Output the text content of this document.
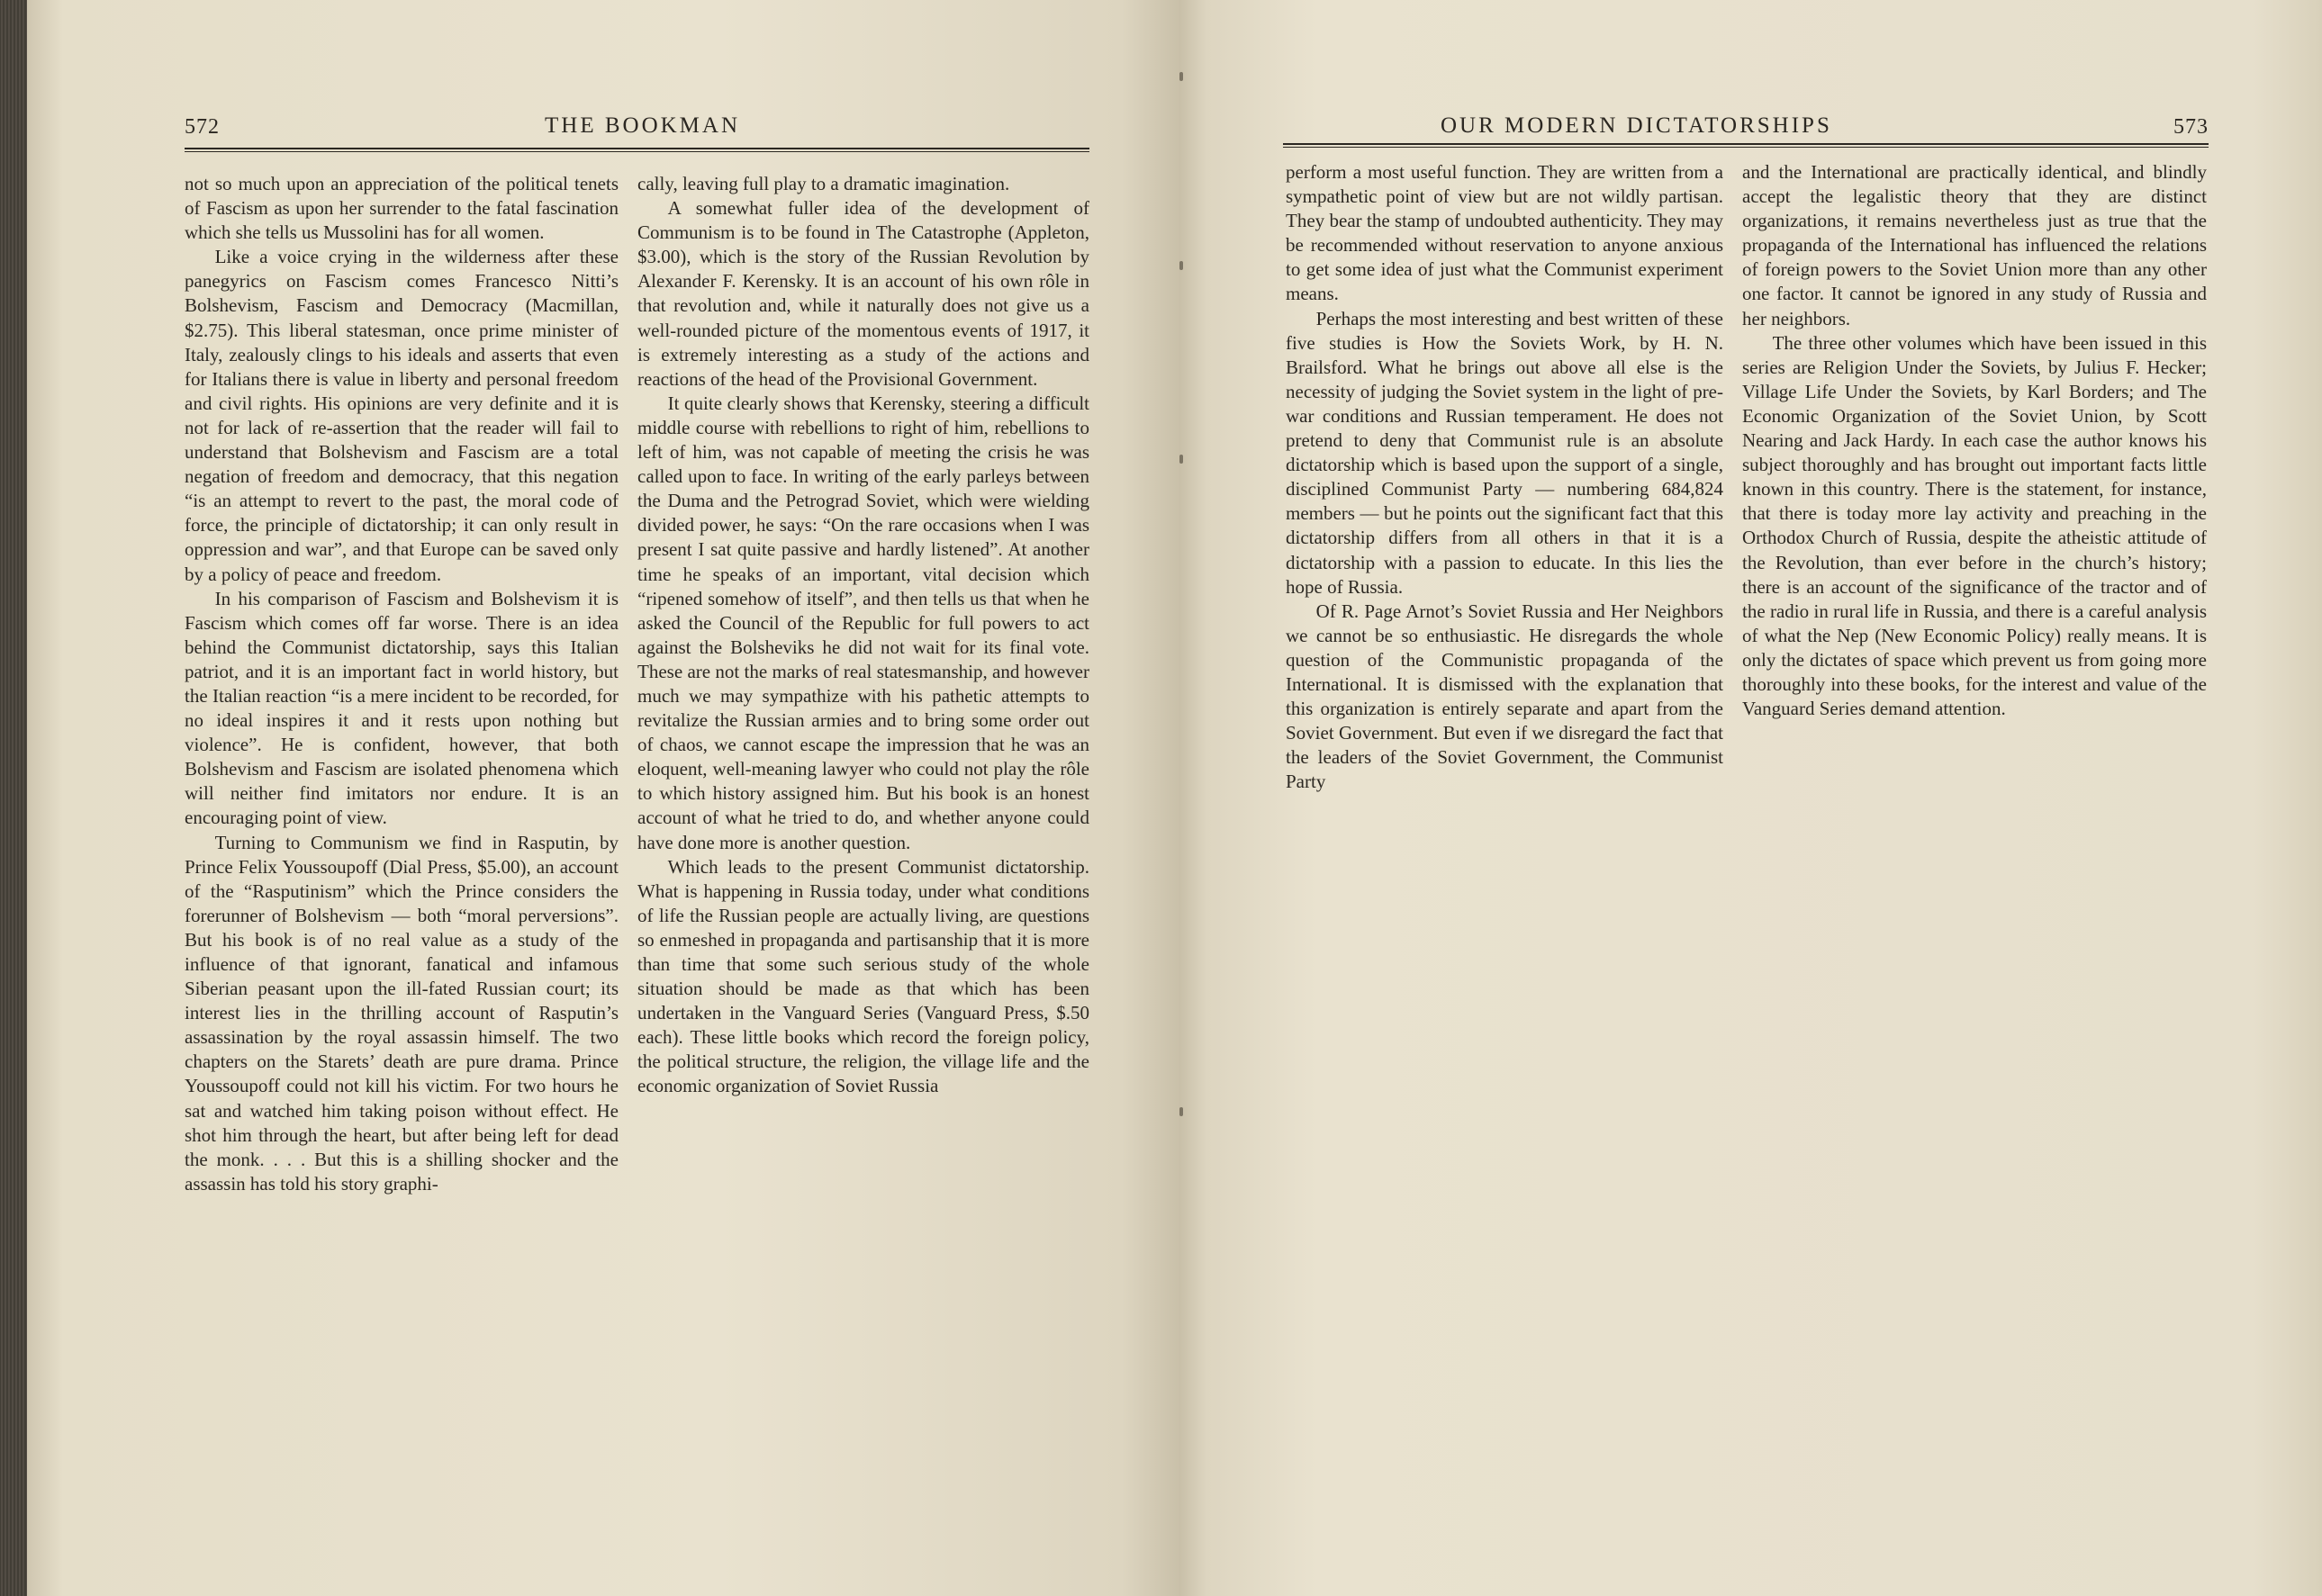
572	THE BOOKMAN

not so much upon an appreciation of the political tenets of Fascism as upon her surrender to the fatal fascination which she tells us Mussolini has for all women.

Like a voice crying in the wilderness after these panegyrics on Fascism comes Francesco Nitti’s Bolshevism, Fascism and Democracy (Macmillan, $2.75). This liberal statesman, once prime minister of Italy, zealously clings to his ideals and asserts that even for Italians there is value in liberty and personal freedom and civil rights. His opinions are very definite and it is not for lack of re-assertion that the reader will fail to understand that Bolshevism and Fascism are a total negation of freedom and democracy, that this negation “is an attempt to revert to the past, the moral code of force, the principle of dictatorship; it can only result in oppression and war”, and that Europe can be saved only by a policy of peace and freedom.

In his comparison of Fascism and Bolshevism it is Fascism which comes off far worse. There is an idea behind the Communist dictatorship, says this Italian patriot, and it is an important fact in world history, but the Italian reaction “is a mere incident to be recorded, for no ideal inspires it and it rests upon nothing but violence”. He is confident, however, that both Bolshevism and Fascism are isolated phenomena which will neither find imitators nor endure. It is an encouraging point of view.

Turning to Communism we find in Rasputin, by Prince Felix Youssoupoff (Dial Press, $5.00), an account of the “Rasputinism” which the Prince considers the forerunner of Bolshevism — both “moral perversions”. But his book is of no real value as a study of the influence of that ignorant, fanatical and infamous Siberian peasant upon the ill-fated Russian court; its interest lies in the thrilling account of Rasputin’s assassination by the royal assassin himself. The two chapters on the Starets’ death are pure drama. Prince Youssoupoff could not kill his victim. For two hours he sat and watched him taking poison without effect. He shot him through the heart, but after being left for dead the monk. . . . But this is a shilling shocker and the assassin has told his story graphi-

cally, leaving full play to a dramatic imagination.

A somewhat fuller idea of the development of Communism is to be found in The Catastrophe (Appleton, $3.00), which is the story of the Russian Revolution by Alexander F. Kerensky. It is an account of his own rôle in that revolution and, while it naturally does not give us a well-rounded picture of the momentous events of 1917, it is extremely interesting as a study of the actions and reactions of the head of the Provisional Government.

It quite clearly shows that Kerensky, steering a difficult middle course with rebellions to right of him, rebellions to left of him, was not capable of meeting the crisis he was called upon to face. In writing of the early parleys between the Duma and the Petrograd Soviet, which were wielding divided power, he says: “On the rare occasions when I was present I sat quite passive and hardly listened”. At another time he speaks of an important, vital decision which “ripened somehow of itself”, and then tells us that when he asked the Council of the Republic for full powers to act against the Bolsheviks he did not wait for its final vote. These are not the marks of real statesmanship, and however much we may sympathize with his pathetic attempts to revitalize the Russian armies and to bring some order out of chaos, we cannot escape the impression that he was an eloquent, well-meaning lawyer who could not play the rôle to which history assigned him. But his book is an honest account of what he tried to do, and whether anyone could have done more is another question.

Which leads to the present Communist dictatorship. What is happening in Russia today, under what conditions of life the Russian people are actually living, are questions so enmeshed in propaganda and partisanship that it is more than time that some such serious study of the whole situation should be made as that which has been undertaken in the Vanguard Series (Vanguard Press, $.50 each). These little books which record the foreign policy, the political structure, the religion, the village life and the economic organization of Soviet Russia

OUR MODERN DICTATORSHIPS	573

perform a most useful function. They are written from a sympathetic point of view but are not wildly partisan. They bear the stamp of undoubted authenticity. They may be recommended without reservation to anyone anxious to get some idea of just what the Communist experiment means.

Perhaps the most interesting and best written of these five studies is How the Soviets Work, by H. N. Brailsford. What he brings out above all else is the necessity of judging the Soviet system in the light of pre-war conditions and Russian temperament. He does not pretend to deny that Communist rule is an absolute dictatorship which is based upon the support of a single, disciplined Communist Party — numbering 684,824 members — but he points out the significant fact that this dictatorship differs from all others in that it is a dictatorship with a passion to educate. In this lies the hope of Russia.

Of R. Page Arnot’s Soviet Russia and Her Neighbors we cannot be so enthusiastic. He disregards the whole question of the Communistic propaganda of the International. It is dismissed with the explanation that this organization is entirely separate and apart from the Soviet Government. But even if we disregard the fact that the leaders of the Soviet Government, the Communist Party

and the International are practically identical, and blindly accept the legalistic theory that they are distinct organizations, it remains nevertheless just as true that the propaganda of the International has influenced the relations of foreign powers to the Soviet Union more than any other one factor. It cannot be ignored in any study of Russia and her neighbors.

The three other volumes which have been issued in this series are Religion Under the Soviets, by Julius F. Hecker; Village Life Under the Soviets, by Karl Borders; and The Economic Organization of the Soviet Union, by Scott Nearing and Jack Hardy. In each case the author knows his subject thoroughly and has brought out important facts little known in this country. There is the statement, for instance, that there is today more lay activity and preaching in the Orthodox Church of Russia, despite the atheistic attitude of the Revolution, than ever before in the church’s history; there is an account of the significance of the tractor and of the radio in rural life in Russia, and there is a careful analysis of what the Nep (New Economic Policy) really means. It is only the dictates of space which prevent us from going more thoroughly into these books, for the interest and value of the Vanguard Series demand attention.
